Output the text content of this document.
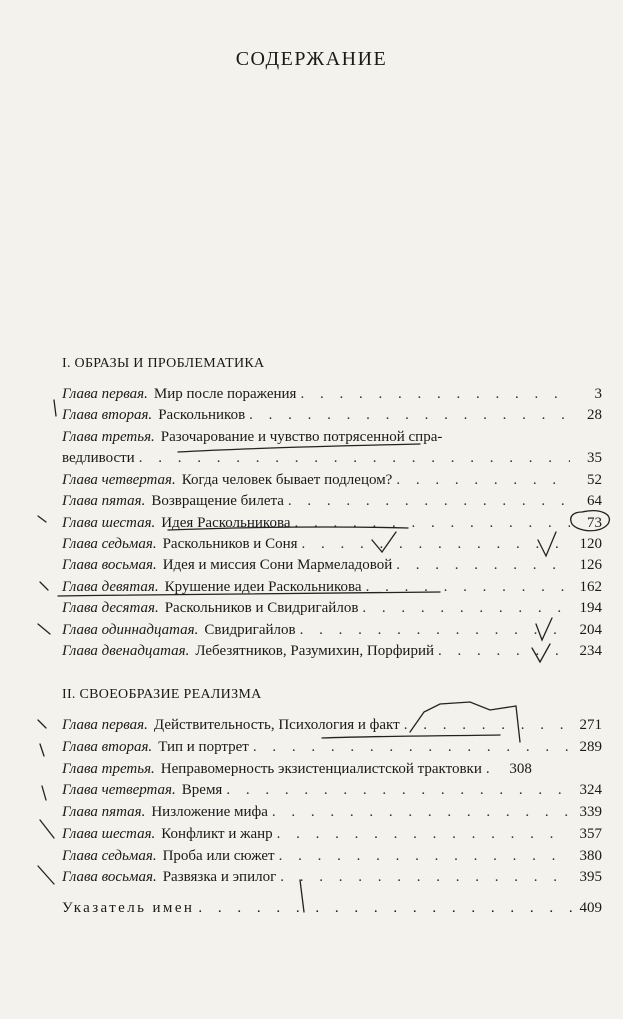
СОДЕРЖАНИЕ
I. ОБРАЗЫ И ПРОБЛЕМАТИКА
Глава первая. Мир после поражения . . .	3
Глава вторая. Раскольников . . .	28
Глава третья. Разочарование и чувство потрясенной спра-
ведливости . . .	35
Глава четвертая. Когда человек бывает подлецом? . . .	52
Глава пятая. Возвращение билета . . .	64
Глава шестая. Идея Раскольникова . . .	73
Глава седьмая. Раскольников и Соня . . .	120
Глава восьмая. Идея и миссия Сони Мармеладовой . . .	126
Глава девятая. Крушение идеи Раскольникова . . .	162
Глава десятая. Раскольников и Свидригайлов . . .	194
Глава одиннадцатая. Свидригайлов . . .	204
Глава двенадцатая. Лебезятников, Разумихин, Порфирий . . .	234
II. СВОЕОБРАЗИЕ РЕАЛИЗМА
Глава первая. Действительность, Психология и факт . . .	271
Глава вторая. Тип и портрет . . .	289
Глава третья. Неправомерность экзистенциалистской трактовки . . .	308
Глава четвертая. Время . . .	324
Глава пятая. Низложение мифа . . .	339
Глава шестая. Конфликт и жанр . . .	357
Глава седьмая. Проба или сюжет . . .	380
Глава восьмая. Развязка и эпилог . . .	395
Указатель имен . . .	409
